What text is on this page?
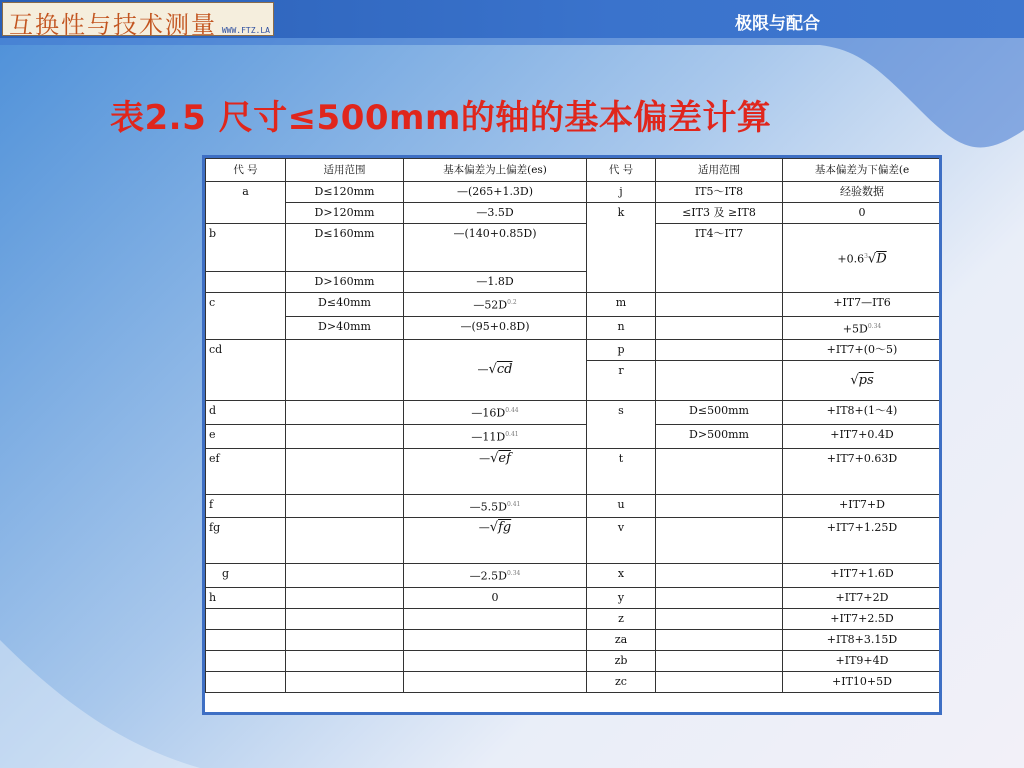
互换性与技术测量 WWW.FTZ.LA	极限与配合
表2.5 尺寸≤500mm的轴的基本偏差计算
代 号	适用范围	基本偏差为上偏差(es)	代 号	适用范围	基本偏差为下偏差(e
a	D≤120mm	—(265+1.3D)	j	IT5～IT8	经验数据
	D>120mm	—3.5D	k	≤IT3 及 ≥IT8	0
b	D≤160mm	—(140+0.85D)		IT4～IT7	$+0.6^3√D$
	D>160mm	—1.8D			
c	D≤40mm	$—52D^{0.2}$	m		+IT7—IT6
	D>40mm	—(95+0.8D)	n		$+5D^{0.34}$
cd		—√cd	p		+IT7+(0～5)
			r		√ps
d		$—16D^{0.44}$	s	D≤500mm	+IT8+(1～4)
e		$—11D^{0.41}$		D>500mm	+IT7+0.4D
ef		—√ef	t		+IT7+0.63D
f		$—5.5D^{0.41}$	u		+IT7+D
fg		—√fg	v		+IT7+1.25D
g		$—2.5D^{0.34}$	x		+IT7+1.6D
h		0	y		+IT7+2D
			z		+IT7+2.5D
			za		+IT8+3.15D
			zb		+IT9+4D
			zc		+IT10+5D
